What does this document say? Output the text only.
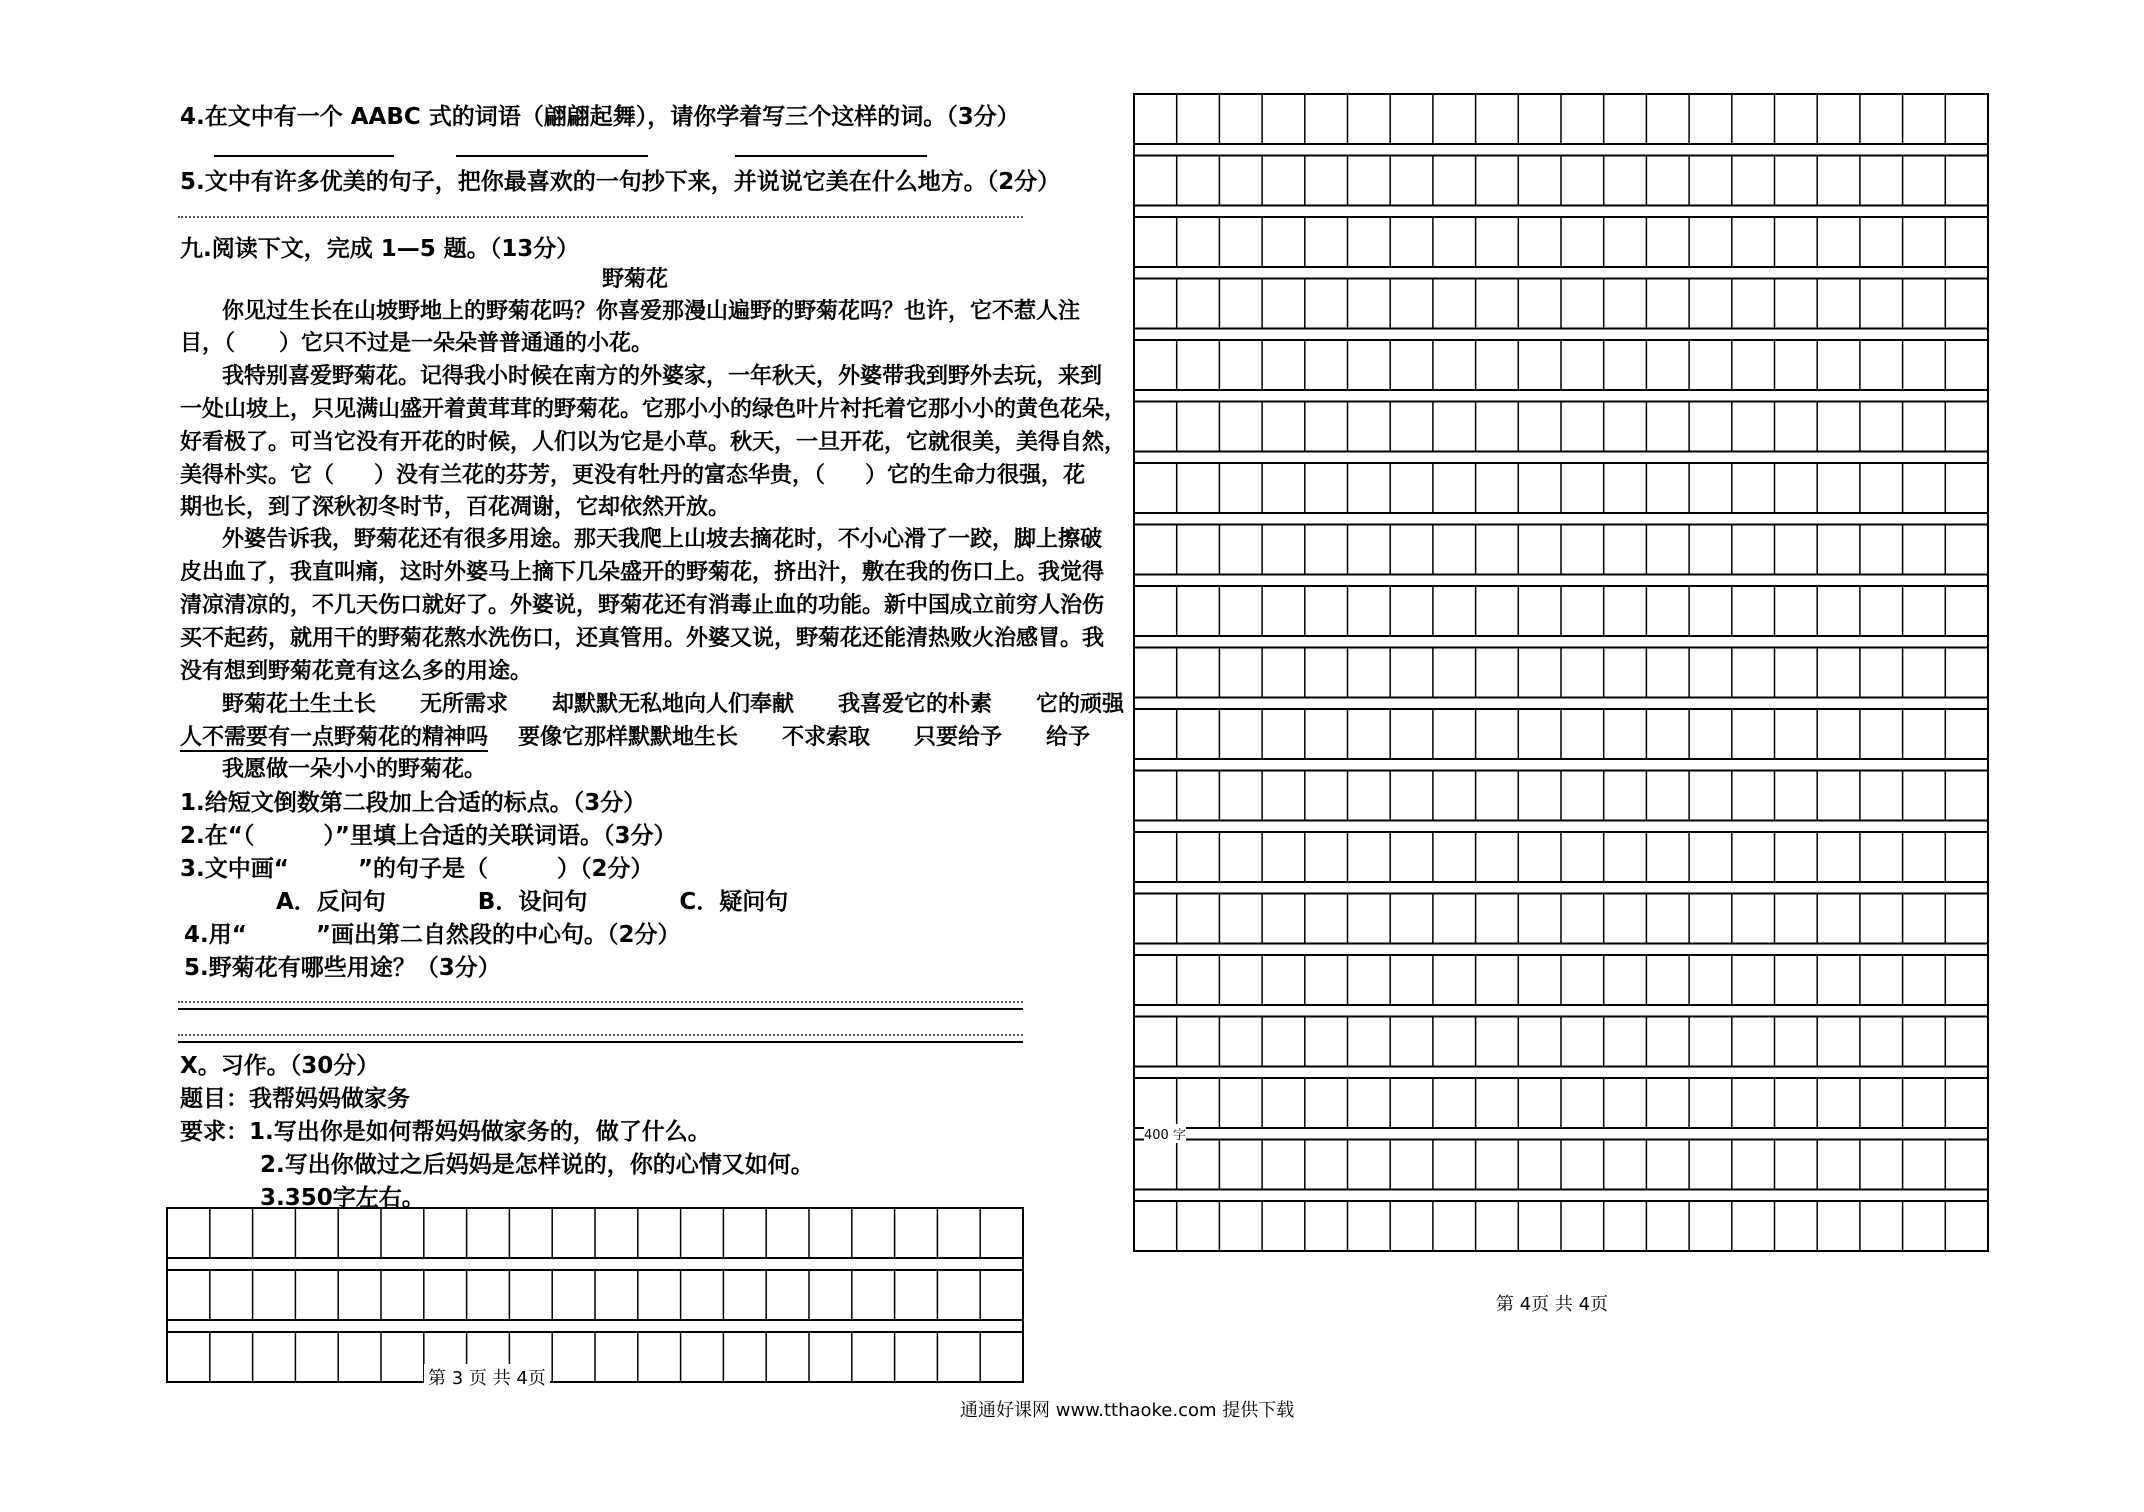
4.在文中有一个 AABC 式的词语（翩翩起舞），请你学着写三个这样的词。（3分）
5.文中有许多优美的句子，把你最喜欢的一句抄下来，并说说它美在什么地方。（2分）
九.阅读下文，完成 1—5 题。（13分）
野菊花
你见过生长在山坡野地上的野菊花吗？你喜爱那漫山遍野的野菊花吗？也许，它不惹人注
目，（ ）它只不过是一朵朵普普通通的小花。
我特别喜爱野菊花。记得我小时候在南方的外婆家，一年秋天，外婆带我到野外去玩，来到
一处山坡上，只见满山盛开着黄茸茸的野菊花。它那小小的绿色叶片衬托着它那小小的黄色花朵，
好看极了。可当它没有开花的时候，人们以为它是小草。秋天，一旦开花，它就很美，美得自然，
美得朴实。它（ ）没有兰花的芬芳，更没有牡丹的富态华贵，（ ）它的生命力很强，花
期也长，到了深秋初冬时节，百花凋谢，它却依然开放。
外婆告诉我，野菊花还有很多用途。那天我爬上山坡去摘花时，不小心滑了一跤，脚上擦破
皮出血了，我直叫痛，这时外婆马上摘下几朵盛开的野菊花，挤出汁，敷在我的伤口上。我觉得
清凉清凉的，不几天伤口就好了。外婆说，野菊花还有消毒止血的功能。新中国成立前穷人治伤
买不起药，就用干的野菊花熬水洗伤口，还真管用。外婆又说，野菊花还能清热败火治感冒。我
没有想到野菊花竟有这么多的用途。
野菊花土生土长　　无所需求　　却默默无私地向人们奉献　　我喜爱它的朴素　　它的顽强
人不需要有一点野菊花的精神吗 要像它那样默默地生长　　不求索取　　只要给予　　给予
我愿做一朵小小的野菊花。
1.给短文倒数第二段加上合适的标点。（3分）
2.在“（　　　）”里填上合适的关联词语。（3分）
3.文中画“　　　”的句子是（　　　）（2分）
A．反问句　　　　B．设问句　　　　C．疑问句
4.用“　　　”画出第二自然段的中心句。（2分）
5.野菊花有哪些用途？（3分）
X。习作。（30分）
题目：我帮妈妈做家务
要求：1.写出你是如何帮妈妈做家务的，做了什么。
2.写出你做过之后妈妈是怎样说的，你的心情又如何。
3.350字左右。
第 3 页 共 4页
400 字
第 4页 共 4页
通通好课网 www.tthaoke.com 提供下载
